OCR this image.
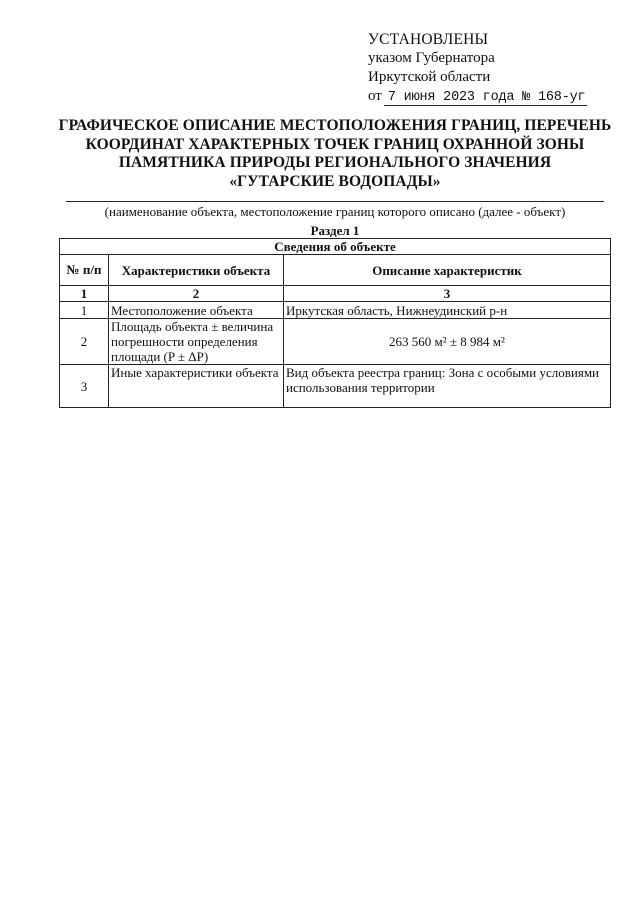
УСТАНОВЛЕНЫ
указом Губернатора
Иркутской области
от 7 июня 2023 года № 168-уг
ГРАФИЧЕСКОЕ ОПИСАНИЕ МЕСТОПОЛОЖЕНИЯ ГРАНИЦ, ПЕРЕЧЕНЬ
КООРДИНАТ ХАРАКТЕРНЫХ ТОЧЕК ГРАНИЦ ОХРАННОЙ ЗОНЫ
ПАМЯТНИКА ПРИРОДЫ РЕГИОНАЛЬНОГО ЗНАЧЕНИЯ
«ГУТАРСКИЕ ВОДОПАДЫ»
(наименование объекта, местоположение границ которого описано (далее - объект)
Раздел 1
Сведения об объекте		
№ п/п	Характеристики объекта	Описание характеристик
1	2	3
1	Местоположение объекта	Иркутская область, Нижнеудинский р-н
2	Площадь объекта ± величина погрешности определения площади (P ± ΔP)	263 560 м² ± 8 984 м²
3	Иные характеристики объекта	Вид объекта реестра границ: Зона с особыми условиями использования территории
